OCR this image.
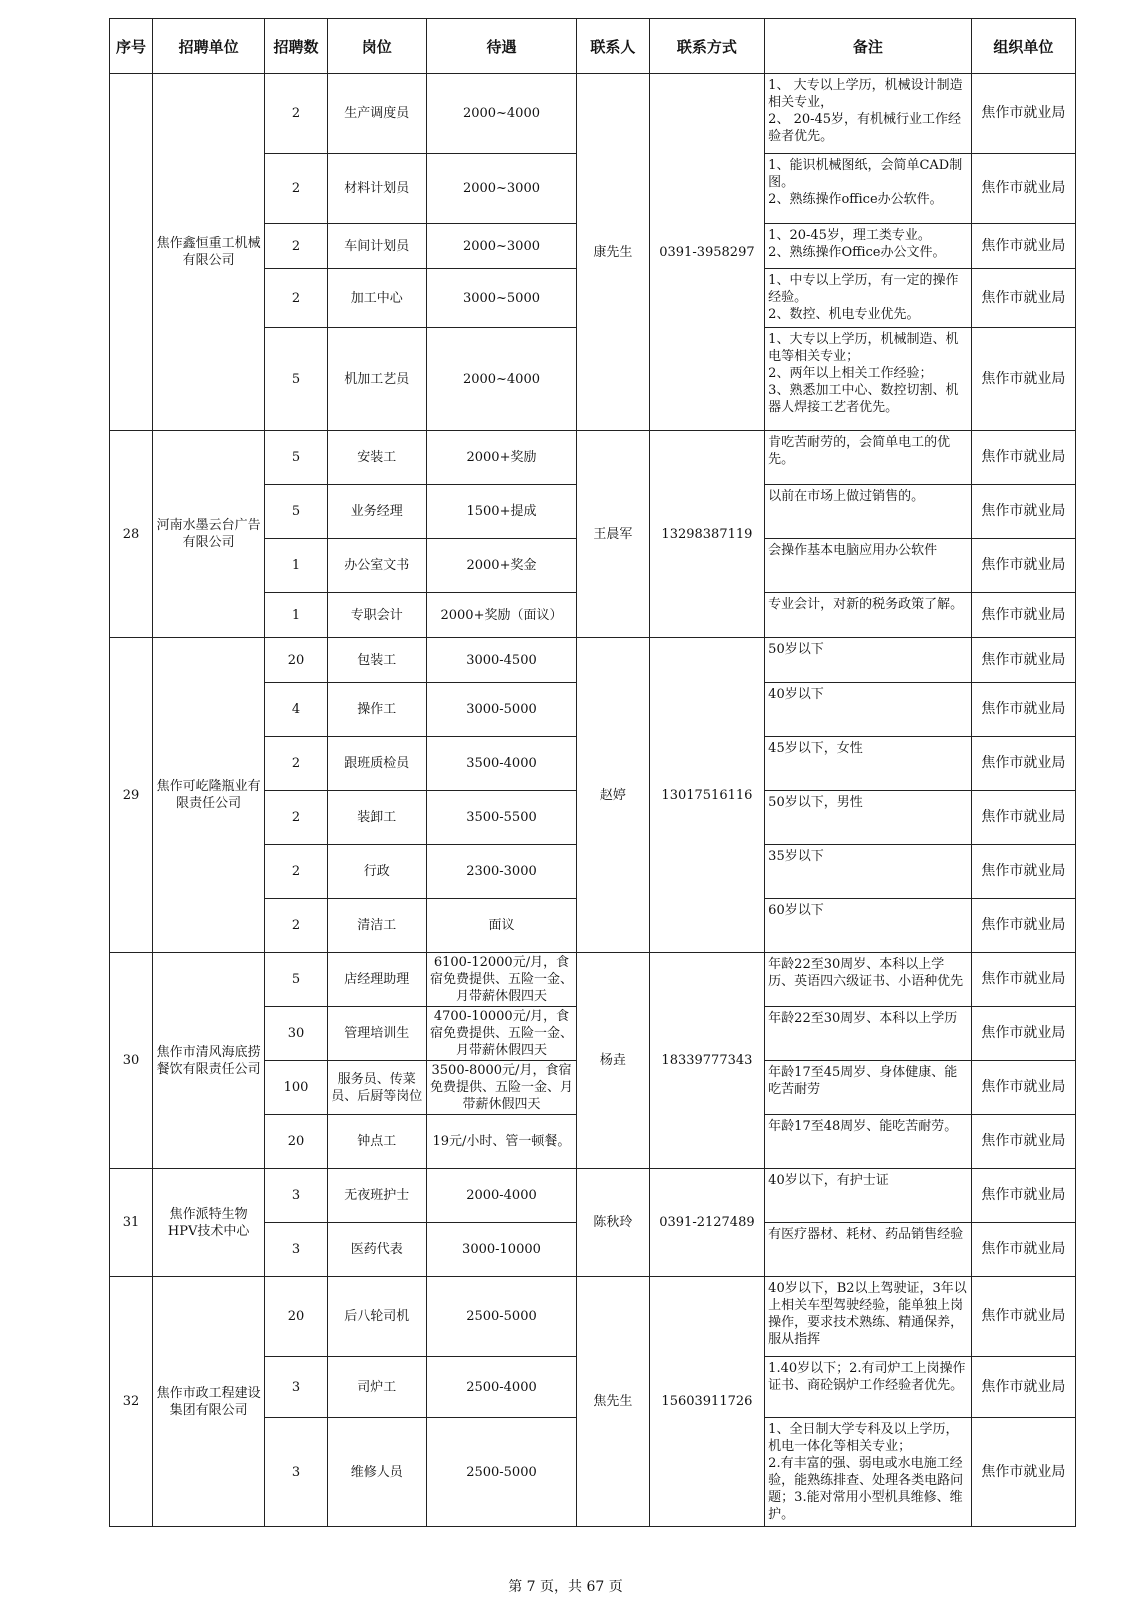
序号	招聘单位	招聘数	岗位	待遇	联系人	联系方式	备注	组织单位
	焦作鑫恒重工机械有限公司	2	生产调度员	2000~4000	康先生	0391-3958297	1、 大专以上学历，机械设计制造相关专业，
2、 20-45岁，有机械行业工作经验者优先。	焦作市就业局
		2	材料计划员	2000~3000			1、能识机械图纸，会简单CAD制图。
2、熟练操作office办公软件。	焦作市就业局
		2	车间计划员	2000~3000			1、20-45岁，理工类专业。
2、熟练操作Office办公文件。	焦作市就业局
		2	加工中心	3000~5000			1、中专以上学历，有一定的操作经验。
2、数控、机电专业优先。	焦作市就业局
		5	机加工艺员	2000~4000			1、大专以上学历，机械制造、机电等相关专业；
2、两年以上相关工作经验；
3、熟悉加工中心、数控切割、机器人焊接工艺者优先。	焦作市就业局
28	河南水墨云台广告有限公司	5	安装工	2000+奖励	王晨军	13298387119	肯吃苦耐劳的，会简单电工的优先。	焦作市就业局
		5	业务经理	1500+提成			以前在市场上做过销售的。	焦作市就业局
		1	办公室文书	2000+奖金			会操作基本电脑应用办公软件	焦作市就业局
		1	专职会计	2000+奖励（面议）			专业会计，对新的税务政策了解。	焦作市就业局
29	焦作可屹隆瓶业有限责任公司	20	包装工	3000-4500	赵婷	13017516116	50岁以下	焦作市就业局
		4	操作工	3000-5000			40岁以下	焦作市就业局
		2	跟班质检员	3500-4000			45岁以下，女性	焦作市就业局
		2	装卸工	3500-5500			50岁以下，男性	焦作市就业局
		2	行政	2300-3000			35岁以下	焦作市就业局
		2	清洁工	面议			60岁以下	焦作市就业局
30	焦作市清风海底捞餐饮有限责任公司	5	店经理助理	6100-12000元/月，食宿免费提供、五险一金、月带薪休假四天	杨垚	18339777343	年龄22至30周岁、本科以上学历、英语四六级证书、小语种优先	焦作市就业局
		30	管理培训生	4700-10000元/月，食宿免费提供、五险一金、月带薪休假四天			年龄22至30周岁、本科以上学历	焦作市就业局
		100	服务员、传菜员、后厨等岗位	3500-8000元/月，食宿免费提供、五险一金、月带薪休假四天			年龄17至45周岁、身体健康、能吃苦耐劳	焦作市就业局
		20	钟点工	19元/小时、管一顿餐。			年龄17至48周岁、能吃苦耐劳。	焦作市就业局
31	焦作派特生物HPV技术中心	3	无夜班护士	2000-4000	陈秋玲	0391-2127489	40岁以下，有护士证	焦作市就业局
		3	医药代表	3000-10000			有医疗器材、耗材、药品销售经验	焦作市就业局
32	焦作市政工程建设集团有限公司	20	后八轮司机	2500-5000	焦先生	15603911726	40岁以下，B2以上驾驶证，3年以上相关车型驾驶经验，能单独上岗操作，要求技术熟练、精通保养，服从指挥	焦作市就业局
		3	司炉工	2500-4000			1.40岁以下；2.有司炉工上岗操作证书、商砼锅炉工作经验者优先。	焦作市就业局
		3	维修人员	2500-5000			1、全日制大学专科及以上学历，机电一体化等相关专业；
2.有丰富的强、弱电或水电施工经验，能熟练排查、处理各类电路问题；3.能对常用小型机具维修、维护。	焦作市就业局
第 7 页，共 67 页
